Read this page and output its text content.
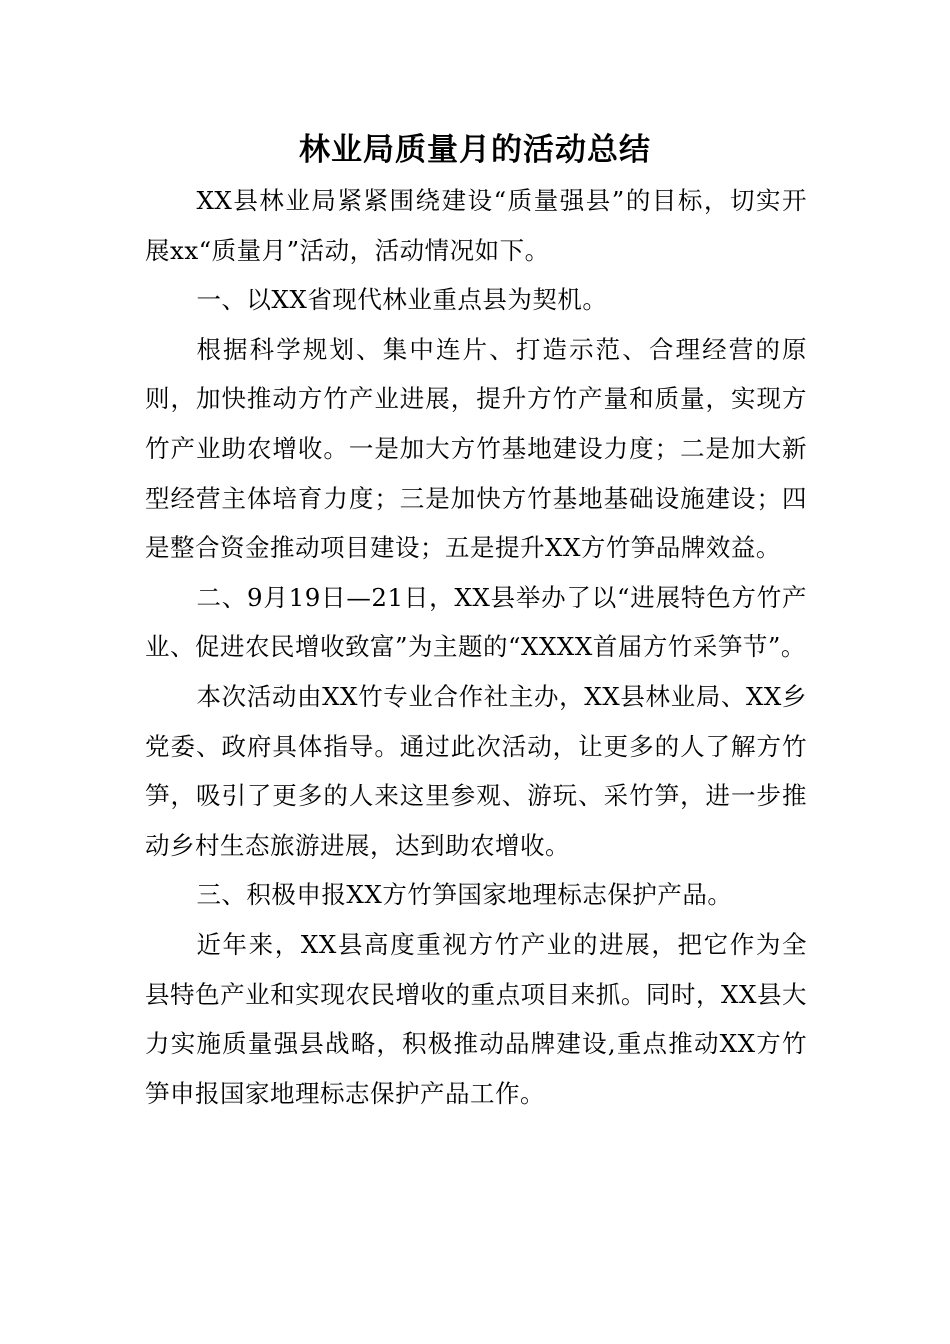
林业局质量月的活动总结

XX县林业局紧紧围绕建设“质量强县”的目标，切实开展xx“质量月”活动，活动情况如下。

一、以XX省现代林业重点县为契机。

根据科学规划、集中连片、打造示范、合理经营的原则，加快推动方竹产业进展，提升方竹产量和质量，实现方竹产业助农增收。一是加大方竹基地建设力度；二是加大新型经营主体培育力度；三是加快方竹基地基础设施建设；四是整合资金推动项目建设；五是提升XX方竹笋品牌效益。

二、9月19日—21日，XX县举办了以“进展特色方竹产业、促进农民增收致富”为主题的“XXXX首届方竹采笋节”。

本次活动由XX竹专业合作社主办，XX县林业局、XX乡党委、政府具体指导。通过此次活动，让更多的人了解方竹笋，吸引了更多的人来这里参观、游玩、采竹笋，进一步推动乡村生态旅游进展，达到助农增收。

三、积极申报XX方竹笋国家地理标志保护产品。

近年来，XX县高度重视方竹产业的进展，把它作为全县特色产业和实现农民增收的重点项目来抓。同时，XX县大力实施质量强县战略，积极推动品牌建设,重点推动XX方竹笋申报国家地理标志保护产品工作。
